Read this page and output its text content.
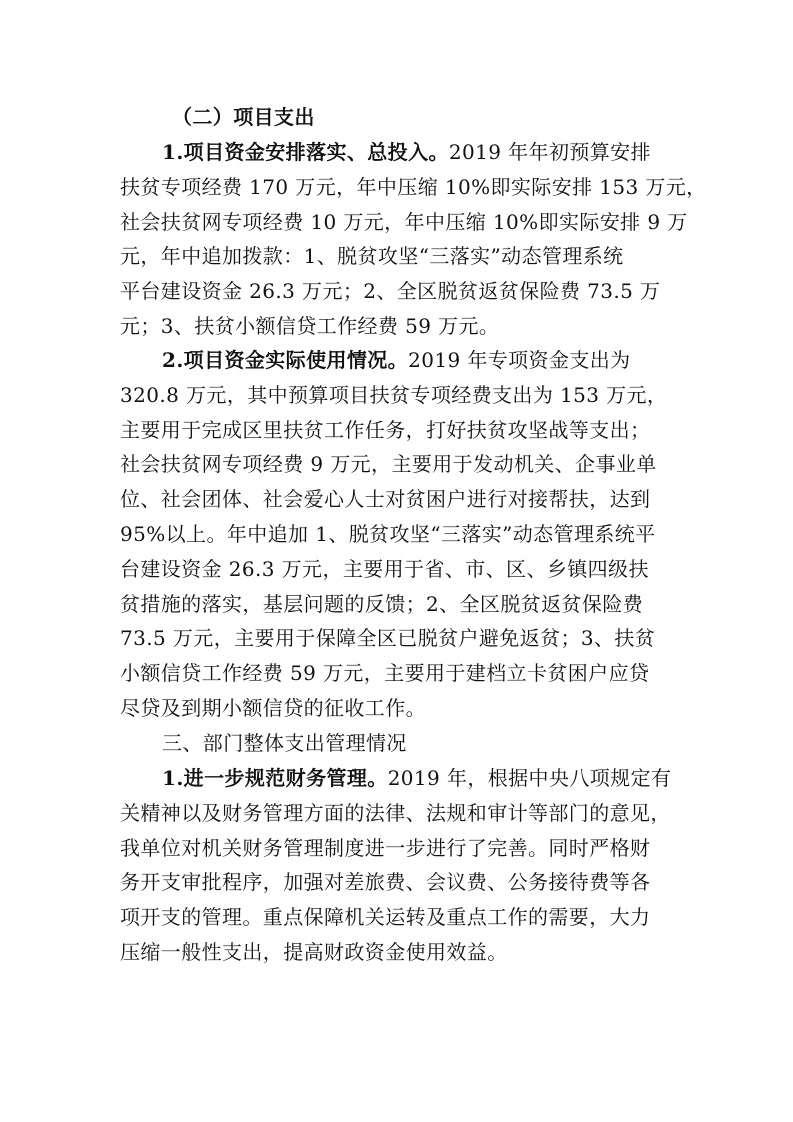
（二）项目支出
1.项目资金安排落实、总投入。2019 年年初预算安排
扶贫专项经费 170 万元，年中压缩 10%即实际安排 153 万元，
社会扶贫网专项经费 10 万元，年中压缩 10%即实际安排 9 万
元，年中追加拨款：1、脱贫攻坚“三落实”动态管理系统
平台建设资金 26.3 万元；2、全区脱贫返贫保险费 73.5 万
元；3、扶贫小额信贷工作经费 59 万元。
2.项目资金实际使用情况。2019 年专项资金支出为
320.8 万元，其中预算项目扶贫专项经费支出为 153 万元，
主要用于完成区里扶贫工作任务，打好扶贫攻坚战等支出；
社会扶贫网专项经费 9 万元，主要用于发动机关、企事业单
位、社会团体、社会爱心人士对贫困户进行对接帮扶，达到
95%以上。年中追加 1、脱贫攻坚“三落实”动态管理系统平
台建设资金 26.3 万元，主要用于省、市、区、乡镇四级扶
贫措施的落实，基层问题的反馈；2、全区脱贫返贫保险费
73.5 万元，主要用于保障全区已脱贫户避免返贫；3、扶贫
小额信贷工作经费 59 万元，主要用于建档立卡贫困户应贷
尽贷及到期小额信贷的征收工作。
三、部门整体支出管理情况
1.进一步规范财务管理。2019 年，根据中央八项规定有
关精神以及财务管理方面的法律、法规和审计等部门的意见，
我单位对机关财务管理制度进一步进行了完善。同时严格财
务开支审批程序，加强对差旅费、会议费、公务接待费等各
项开支的管理。重点保障机关运转及重点工作的需要，大力
压缩一般性支出，提高财政资金使用效益。
